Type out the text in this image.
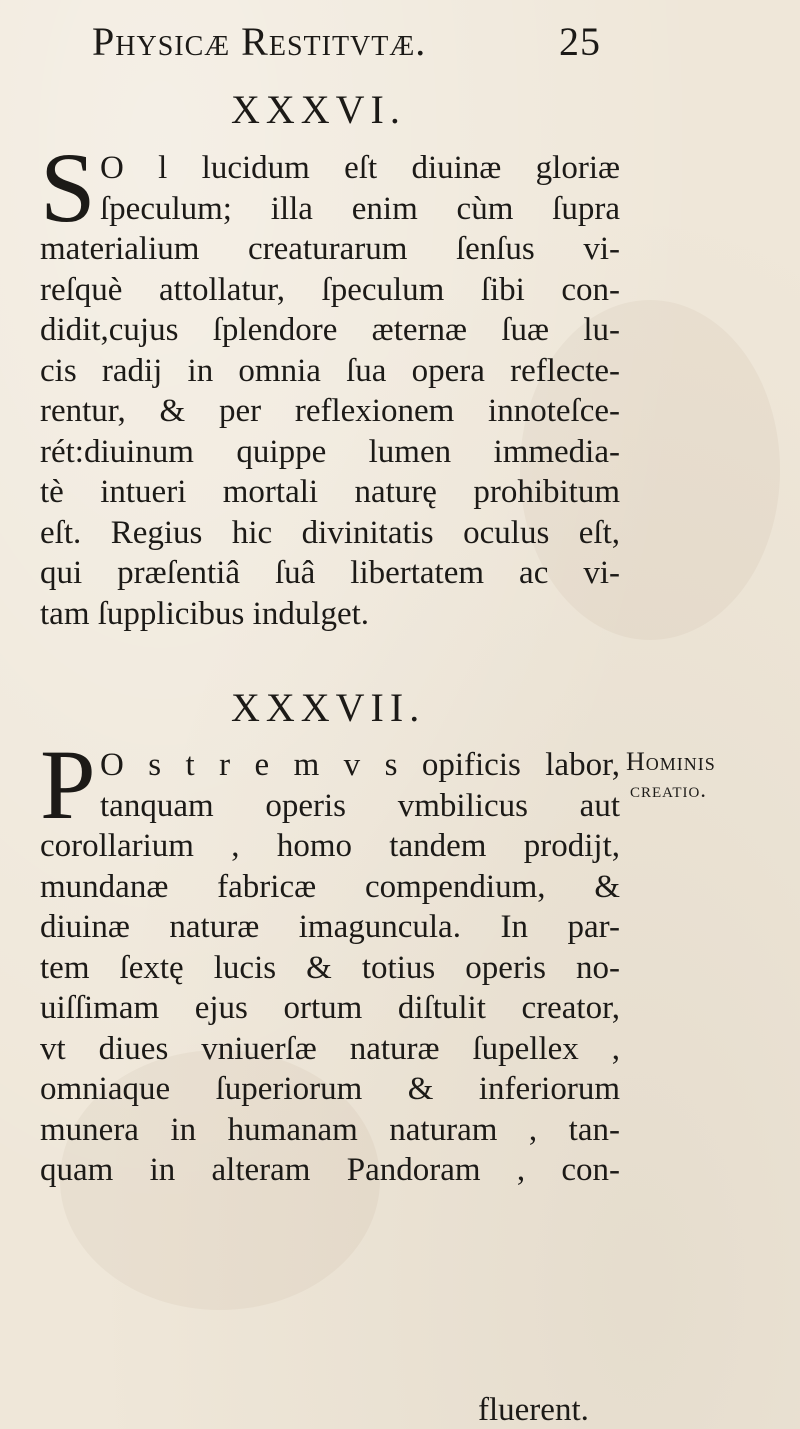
Physicæ Restitvtæ.	25
XXXVI.
S O l lucidum eſt diuinæ gloriæ
ſpeculum; illa enim cùm ſupra
materialium creaturarum ſenſus vi-
reſquè attollatur, ſpeculum ſibi con-
didit,cujus ſplendore æternæ ſuæ lu-
cis radij in omnia ſua opera reflecte-
rentur, & per reflexionem innoteſce-
rét:diuinum quippe lumen immedia-
tè intueri mortali naturę prohibitum
eſt. Regius hic divinitatis oculus eſt,
qui præſentiâ ſuâ libertatem ac vi-
tam ſupplicibus indulget.
XXXVII.
P O s t r e m v s opificis labor,
tanquam operis vmbilicus aut
corollarium , homo tandem prodijt,
mundanæ fabricæ compendium, &
diuinæ naturæ imaguncula. In par-
tem ſextę lucis & totius operis no-
uiſſimam ejus ortum diſtulit creator,
vt diues vniuerſæ naturæ ſupellex ,
omniaque ſuperiorum & inferiorum
munera in humanam naturam , tan-
quam in alteram Pandoram , con-
Hominis
creatio.
fluerent.
